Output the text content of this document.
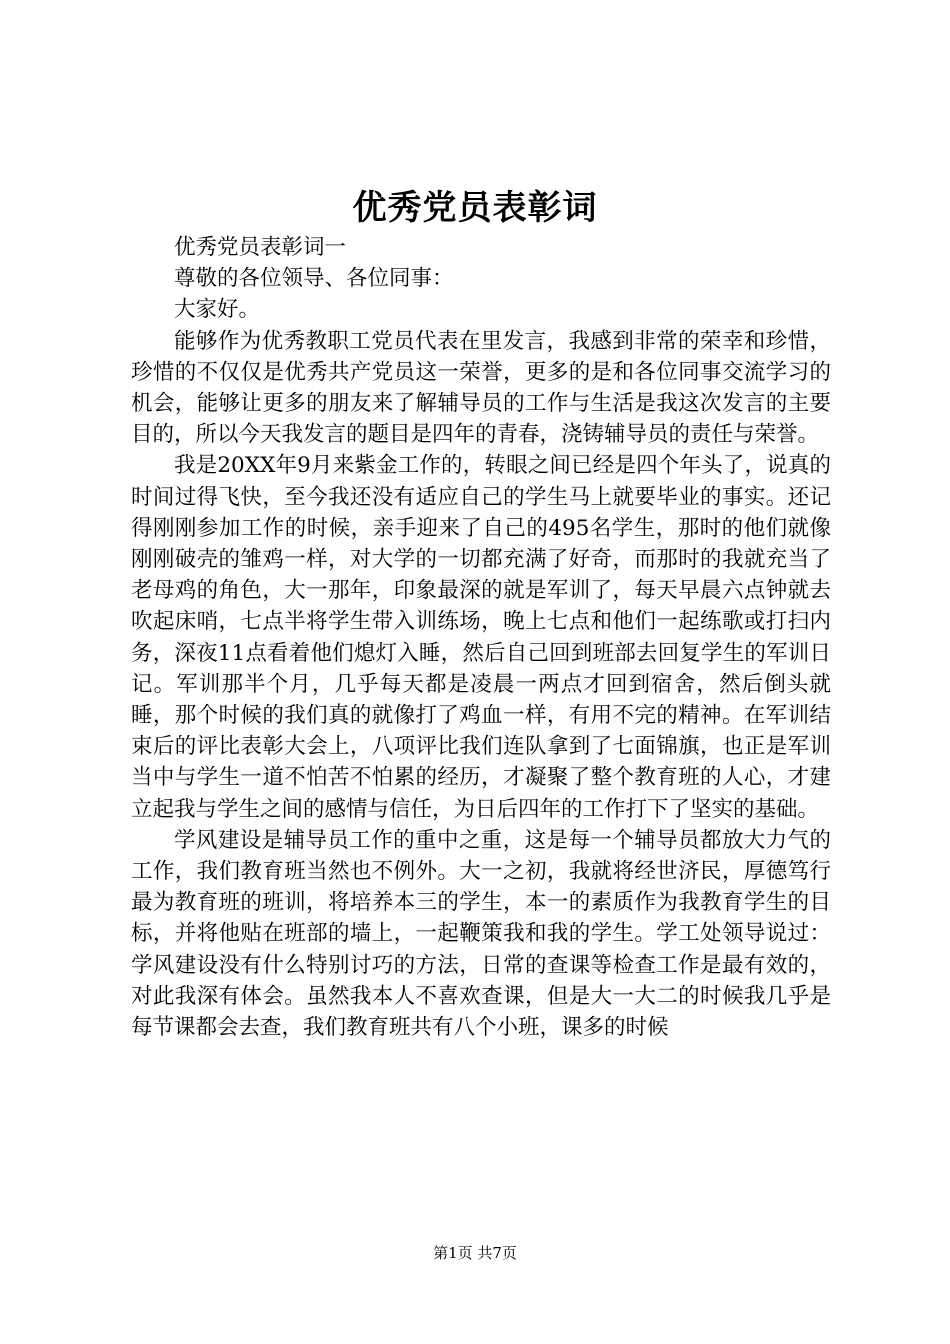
优秀党员表彰词

优秀党员表彰词一

尊敬的各位领导、各位同事：

大家好。

能够作为优秀教职工党员代表在里发言，我感到非常的荣幸和珍惜，珍惜的不仅仅是优秀共产党员这一荣誉，更多的是和各位同事交流学习的机会，能够让更多的朋友来了解辅导员的工作与生活是我这次发言的主要目的，所以今天我发言的题目是四年的青春，浇铸辅导员的责任与荣誉。

我是20XX年9月来紫金工作的，转眼之间已经是四个年头了，说真的时间过得飞快，至今我还没有适应自己的学生马上就要毕业的事实。还记得刚刚参加工作的时候，亲手迎来了自己的495名学生，那时的他们就像刚刚破壳的雏鸡一样，对大学的一切都充满了好奇，而那时的我就充当了老母鸡的角色，大一那年，印象最深的就是军训了，每天早晨六点钟就去吹起床哨，七点半将学生带入训练场，晚上七点和他们一起练歌或打扫内务，深夜11点看着他们熄灯入睡，然后自己回到班部去回复学生的军训日记。军训那半个月，几乎每天都是凌晨一两点才回到宿舍，然后倒头就睡，那个时候的我们真的就像打了鸡血一样，有用不完的精神。在军训结束后的评比表彰大会上，八项评比我们连队拿到了七面锦旗，也正是军训当中与学生一道不怕苦不怕累的经历，才凝聚了整个教育班的人心，才建立起我与学生之间的感情与信任，为日后四年的工作打下了坚实的基础。

学风建设是辅导员工作的重中之重，这是每一个辅导员都放大力气的工作，我们教育班当然也不例外。大一之初，我就将经世济民，厚德笃行最为教育班的班训，将培养本三的学生，本一的素质作为我教育学生的目标，并将他贴在班部的墙上，一起鞭策我和我的学生。学工处领导说过：学风建设没有什么特别讨巧的方法，日常的查课等检查工作是最有效的，对此我深有体会。虽然我本人不喜欢查课，但是大一大二的时候我几乎是每节课都会去查，我们教育班共有八个小班，课多的时候

第1页 共7页
